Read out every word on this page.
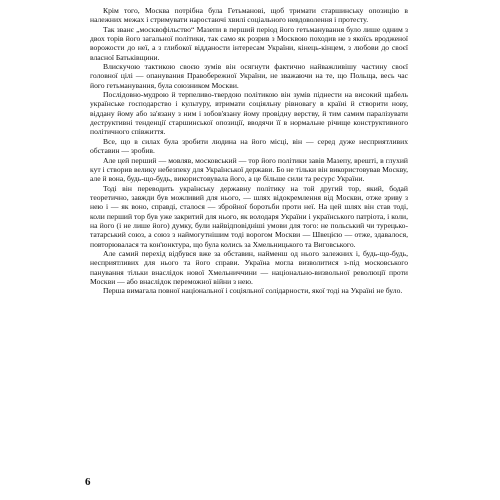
Крім того, Москва потрібна була Гетьманові, щоб тримати старшинську опозицію в належних межах і стримувати наростаючі хвилі соціального невдоволення і протесту.

Так званє „москвофільство“ Мазепи в перший період його гетьманування було лише одним з двох торів його загальної політики, так само як розрив з Москвою походив не з якоїсь вродженої ворожости до неї, а з глибокої відданости інтересам України, кінець-кінцем, з любови до своєї власної Батьківщини.

Влискучою тактикою своєю зумів він осягнути фактично найважливішу частину своєї головної цілі — опанування Правобережної України, не зважаючи на те, що Польща, весь час його гетьманування, була союзником Москви.

Послідовно-мудрою й терпеливо-твердою політикою він зумів піднести на високий щабель українське господарство і культуру, втримати соціяльну рівновагу в країні й створити нову, віддану йому або за'язану з ним і зобов'язану йому провідну верству, й тим самим паралізувати деструктивні тенденції старшинської опозиції, вводячи її в нормальне річище конструктивного політичного співжиття.

Все, що в силах була зробити людина на його місці, він — серед дуже несприятливих обставин — зробив.

Але цей перший — мовляв, московський — тор його політики завів Мазепу, врешті, в глухий кут і створив велику небезпеку для Української держави. Бо не тільки він використовував Москву, але й вона, будь-що-будь, використовувала його, а це більше сили та ресурс України.

Тоді він переводить українську державну політику на той другий тор, який, бодай теоретично, завжди був можливий для нього, — шлях відокремлення від Москви, отже зриву з нею і — як воно, справді, сталося — збройної боротьби проти неї. На цей шлях він став тоді, коли перший тор був уже закритий для нього, як володаря України і українського патріота, і коли, на його (і не лише його) думку, були найвідповідніші умови для того: не польський чи турецько-татарський союз, а союз з наймогутнішим тоді ворогом Москви — Швецією — отже, здавалося, повторювалася та кон'юнктура, що була колись за Хмельницького та Виговського.

Але самий перехід відбувся вже за обставин, найменш од нього залежних і, будь-що-будь, несприятливих для нього та його справи. Україна могла визволитися з-під московського панування тільки внаслідок нової Хмельниччини — національно-визвольної революції проти Москви — або внаслідок переможної війни з нею.

Перша вимагала повної національної і соціяльної солідарности, якої тоді на Україні не було.

6
